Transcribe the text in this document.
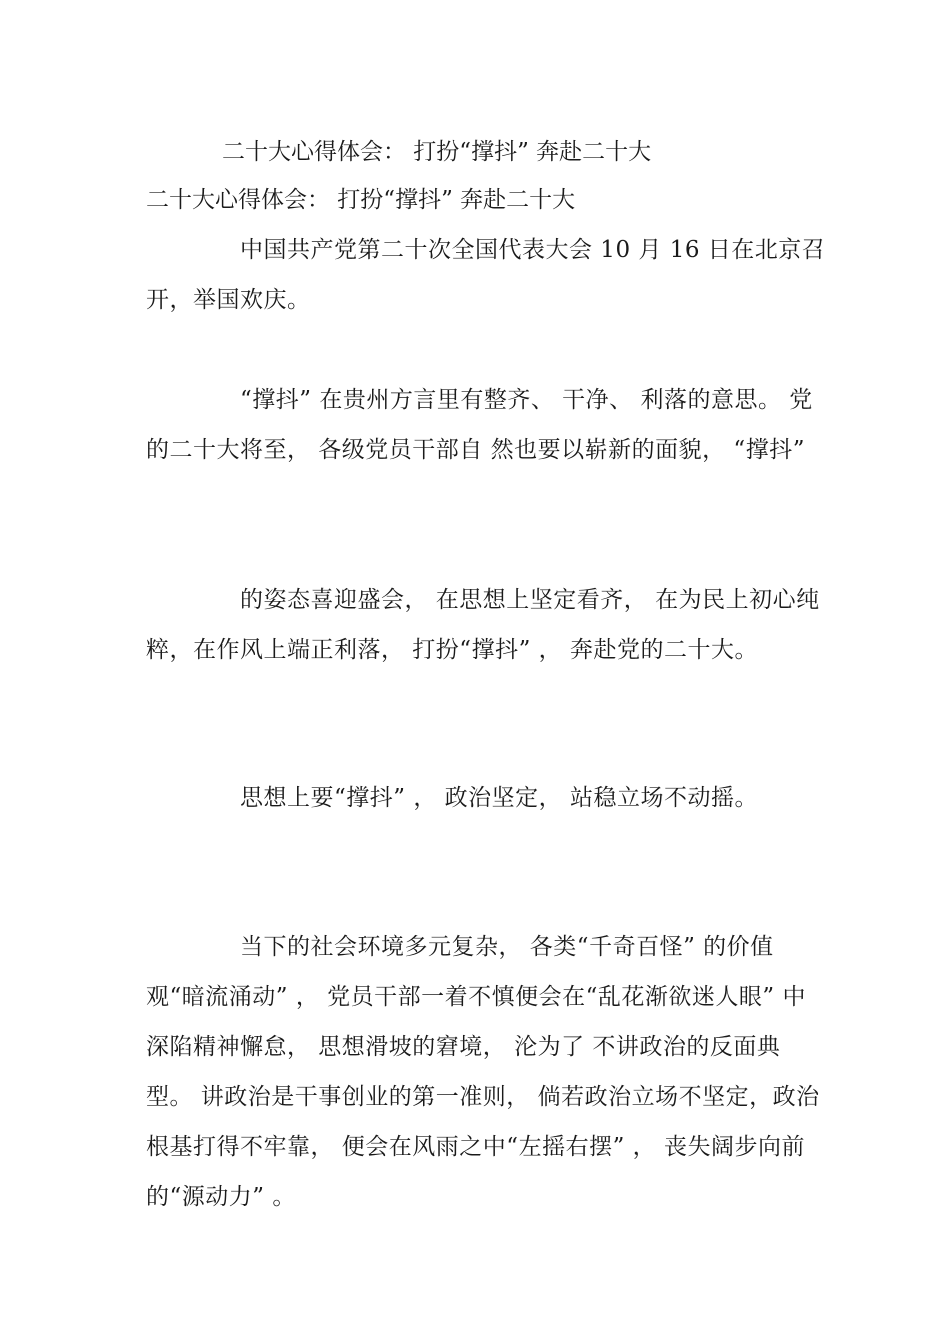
二十大心得体会： 打扮“撑抖” 奔赴二十大
二十大心得体会： 打扮“撑抖” 奔赴二十大

中国共产党第二十次全国代表大会 10 月 16 日在北京召开，举国欢庆。

“撑抖” 在贵州方言里有整齐、 干净、 利落的意思。 党的二十大将至， 各级党员干部自 然也要以崭新的面貌， “撑抖”

的姿态喜迎盛会， 在思想上坚定看齐， 在为民上初心纯粹，在作风上端正利落， 打扮“撑抖” ， 奔赴党的二十大。

思想上要“撑抖” ， 政治坚定， 站稳立场不动摇。

当下的社会环境多元复杂， 各类“千奇百怪” 的价值观“暗流涌动” ， 党员干部一着不慎便会在“乱花渐欲迷人眼” 中深陷精神懈怠， 思想滑坡的窘境， 沦为了 不讲政治的反面典型。 讲政治是干事创业的第一准则， 倘若政治立场不坚定，政治根基打得不牢靠， 便会在风雨之中“左摇右摆” ， 丧失阔步向前的“源动力” 。
